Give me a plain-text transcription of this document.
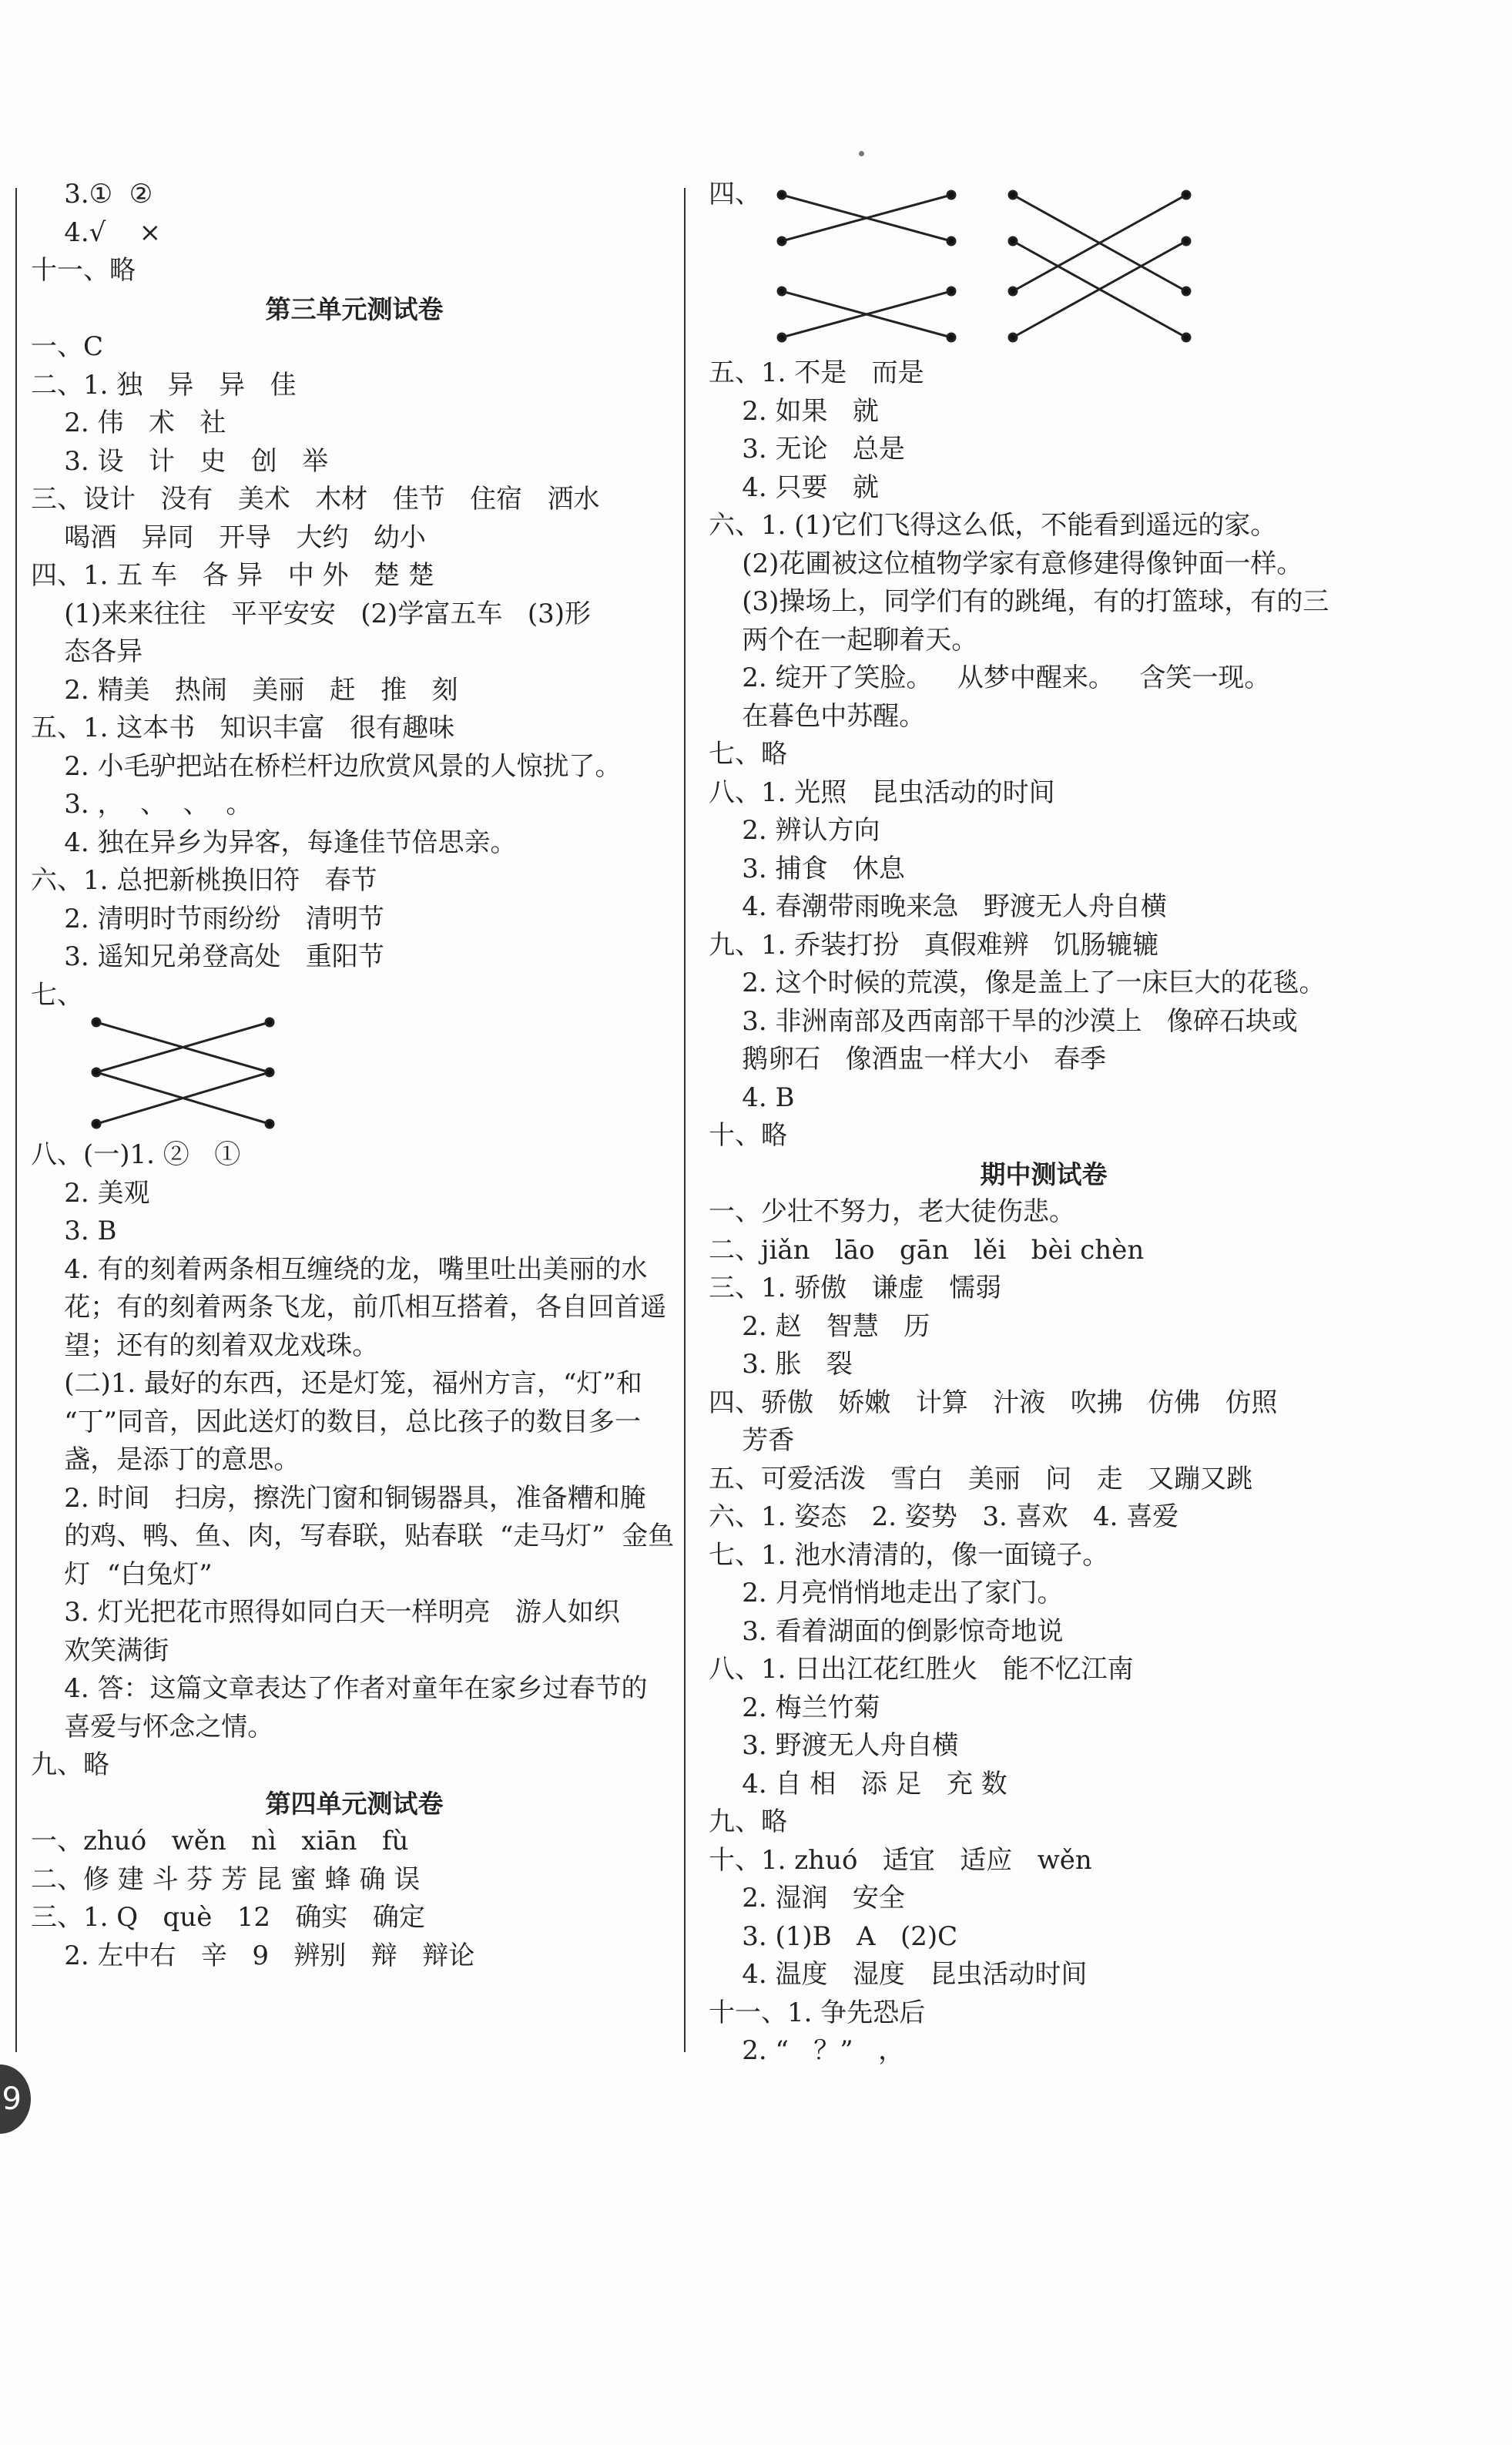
3.①  ②
4.√    ×
十一、略
第三单元测试卷
一、C
二、1. 独   异   异   佳
2. 伟   术   社
3. 设   计   史   创   举
三、设计   没有   美术   木材   佳节   住宿   洒水
喝酒   异同   开导   大约   幼小
四、1. 五 车   各 异   中 外   楚 楚
(1)来来往往   平平安安   (2)学富五车   (3)形
态各异
2. 精美   热闹   美丽   赶   推   刻
五、1. 这本书   知识丰富   很有趣味
2. 小毛驴把站在桥栏杆边欣赏风景的人惊扰了。
3. ，  、  、  。
4. 独在异乡为异客，每逢佳节倍思亲。
六、1. 总把新桃换旧符   春节
2. 清明时节雨纷纷   清明节
3. 遥知兄弟登高处   重阳节
七、
八、(一)1. ②   ①
2. 美观
3. B
4. 有的刻着两条相互缠绕的龙，嘴里吐出美丽的水
花；有的刻着两条飞龙，前爪相互搭着，各自回首遥
望；还有的刻着双龙戏珠。
(二)1. 最好的东西，还是灯笼，福州方言，“灯”和
“丁”同音，因此送灯的数目，总比孩子的数目多一
盏，是添丁的意思。
2. 时间   扫房，擦洗门窗和铜锡器具，准备糟和腌
的鸡、鸭、鱼、肉，写春联，贴春联  “走马灯”  金鱼
灯  “白兔灯”
3. 灯光把花市照得如同白天一样明亮   游人如织
欢笑满街
4. 答：这篇文章表达了作者对童年在家乡过春节的
喜爱与怀念之情。
九、略
第四单元测试卷
一、zhuó   wěn   nì   xiān   fù
二、修 建 斗 芬 芳 昆 蜜 蜂 确 误
三、1. Q   què   12   确实   确定
2. 左中右   辛   9   辨别   辩   辩论
四、
五、1. 不是   而是
2. 如果   就
3. 无论   总是
4. 只要   就
六、1. (1)它们飞得这么低，不能看到遥远的家。
(2)花圃被这位植物学家有意修建得像钟面一样。
(3)操场上，同学们有的跳绳，有的打篮球，有的三
两个在一起聊着天。
2. 绽开了笑脸。   从梦中醒来。   含笑一现。
在暮色中苏醒。
七、略
八、1. 光照   昆虫活动的时间
2. 辨认方向
3. 捕食   休息
4. 春潮带雨晚来急   野渡无人舟自横
九、1. 乔装打扮   真假难辨   饥肠辘辘
2. 这个时候的荒漠，像是盖上了一床巨大的花毯。
3. 非洲南部及西南部干旱的沙漠上   像碎石块或
鹅卵石   像酒盅一样大小   春季
4. B
十、略
期中测试卷
一、少壮不努力，老大徒伤悲。
二、jiǎn   lāo   gān   lěi   bèi chèn
三、1. 骄傲   谦虚   懦弱
2. 赵   智慧   历
3. 胀   裂
四、骄傲   娇嫩   计算   汁液   吹拂   仿佛   仿照
芳香
五、可爱活泼   雪白   美丽   问   走   又蹦又跳
六、1. 姿态   2. 姿势   3. 喜欢   4. 喜爱
七、1. 池水清清的，像一面镜子。
2. 月亮悄悄地走出了家门。
3. 看着湖面的倒影惊奇地说
八、1. 日出江花红胜火   能不忆江南
2. 梅兰竹菊
3. 野渡无人舟自横
4. 自 相   添 足   充 数
九、略
十、1. zhuó   适宜   适应   wěn
2. 湿润   安全
3. (1)B   A   (2)C
4. 温度   湿度   昆虫活动时间
十一、1. 争先恐后
2. “   ？”   ，
9
